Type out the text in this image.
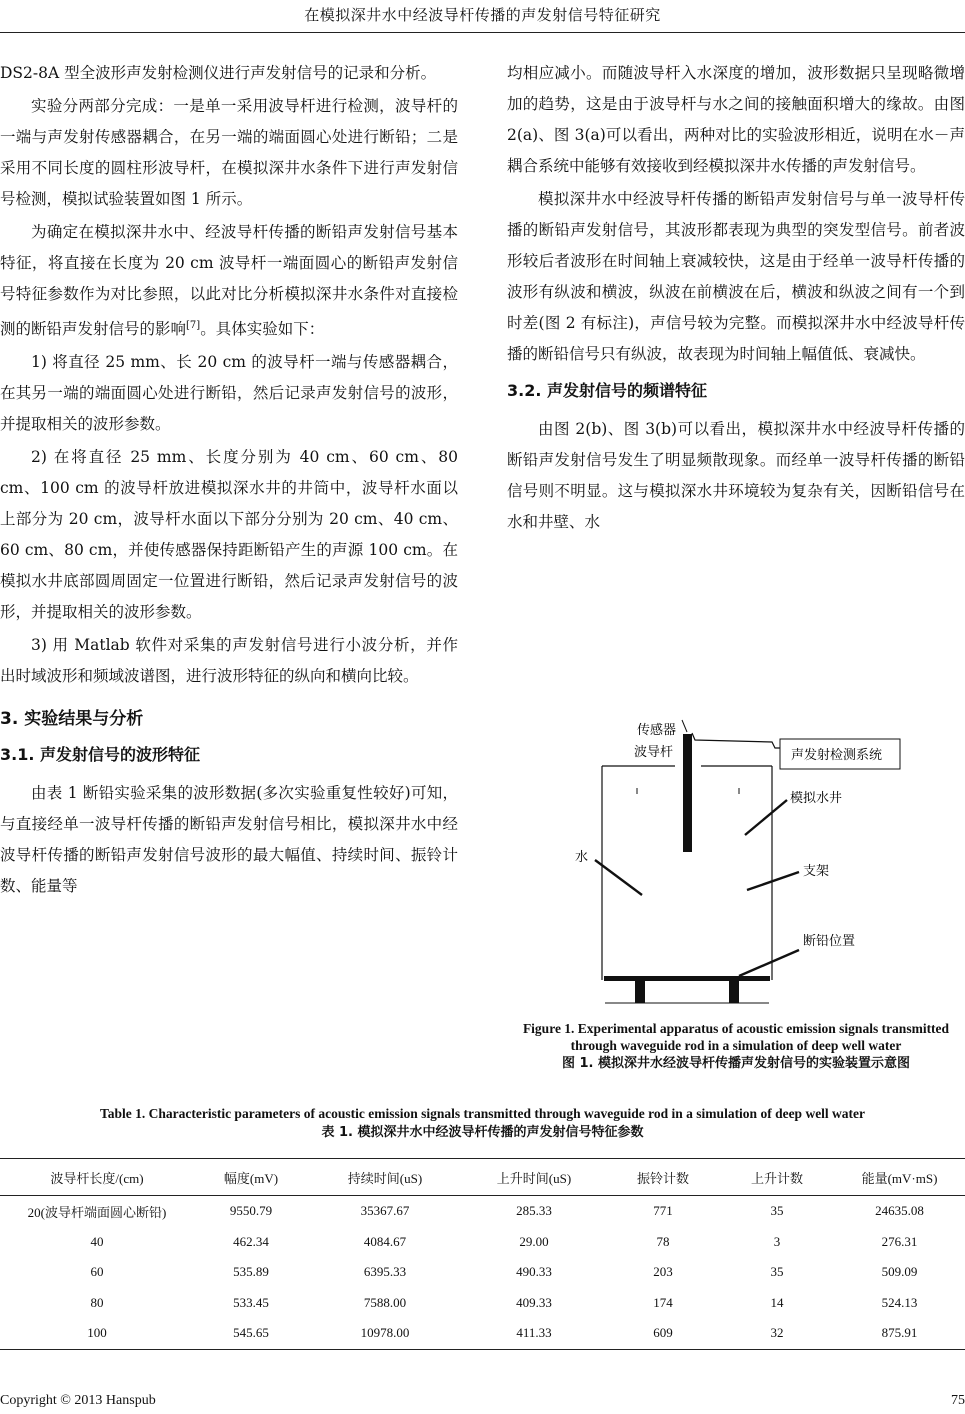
在模拟深井水中经波导杆传播的声发射信号特征研究

DS2-8A 型全波形声发射检测仪进行声发射信号的记录和分析。

实验分两部分完成：一是单一采用波导杆进行检测，波导杆的一端与声发射传感器耦合，在另一端的端面圆心处进行断铅；二是采用不同长度的圆柱形波导杆，在模拟深井水条件下进行声发射信号检测，模拟试验装置如图 1 所示。

为确定在模拟深井水中、经波导杆传播的断铅声发射信号基本特征，将直接在长度为 20 cm 波导杆一端面圆心的断铅声发射信号特征参数作为对比参照，以此对比分析模拟深井水条件对直接检测的断铅声发射信号的影响[7]。具体实验如下：

1) 将直径 25 mm、长 20 cm 的波导杆一端与传感器耦合，在其另一端的端面圆心处进行断铅，然后记录声发射信号的波形，并提取相关的波形参数。

2) 在将直径 25 mm、长度分别为 40 cm、60 cm、80 cm、100 cm 的波导杆放进模拟深水井的井筒中，波导杆水面以上部分为 20 cm，波导杆水面以下部分分别为 20 cm、40 cm、60 cm、80 cm，并使传感器保持距断铅产生的声源 100 cm。在模拟水井底部圆周固定一位置进行断铅，然后记录声发射信号的波形，并提取相关的波形参数。

3) 用 Matlab 软件对采集的声发射信号进行小波分析，并作出时域波形和频域波谱图，进行波形特征的纵向和横向比较。

3. 实验结果与分析
3.1. 声发射信号的波形特征

由表 1 断铅实验采集的波形数据(多次实验重复性较好)可知，与直接经单一波导杆传播的断铅声发射信号相比，模拟深井水中经波导杆传播的断铅声发射信号波形的最大幅值、持续时间、振铃计数、能量等

均相应减小。而随波导杆入水深度的增加，波形数据只呈现略微增加的趋势，这是由于波导杆与水之间的接触面积增大的缘故。由图 2(a)、图 3(a)可以看出，两种对比的实验波形相近，说明在水－声耦合系统中能够有效接收到经模拟深井水传播的声发射信号。

模拟深井水中经波导杆传播的断铅声发射信号与单一波导杆传播的断铅声发射信号，其波形都表现为典型的突发型信号。前者波形较后者波形在时间轴上衰减较快，这是由于经单一波导杆传播的波形有纵波和横波，纵波在前横波在后，横波和纵波之间有一个到时差(图 2 有标注)，声信号较为完整。而模拟深井水中经波导杆传播的断铅信号只有纵波，故表现为时间轴上幅值低、衰减快。

3.2. 声发射信号的频谱特征

由图 2(b)、图 3(b)可以看出，模拟深井水中经波导杆传播的断铅声发射信号发生了明显频散现象。而经单一波导杆传播的断铅信号则不明显。这与模拟深水井环境较为复杂有关，因断铅信号在水和井壁、水

传感器
波导杆	声发射检测系统
模拟水井
水
支架
断铅位置
Figure 1. Experimental apparatus of acoustic emission signals transmitted through waveguide rod in a simulation of deep well water
图 1. 模拟深井水经波导杆传播声发射信号的实验装置示意图
Table 1. Characteristic parameters of acoustic emission signals transmitted through waveguide rod in a simulation of deep well water
表 1. 模拟深井水中经波导杆传播的声发射信号特征参数
波导杆长度/(cm)	幅度(mV)	持续时间(uS)	上升时间(uS)	振铃计数	上升计数	能量(mV·mS)
20(波导杆端面圆心断铅)	9550.79	35367.67	285.33	771	35	24635.08
40	462.34	4084.67	29.00	78	3	276.31
60	535.89	6395.33	490.33	203	35	509.09
80	533.45	7588.00	409.33	174	14	524.13
100	545.65	10978.00	411.33	609	32	875.91
Copyright © 2013 Hanspub	75
